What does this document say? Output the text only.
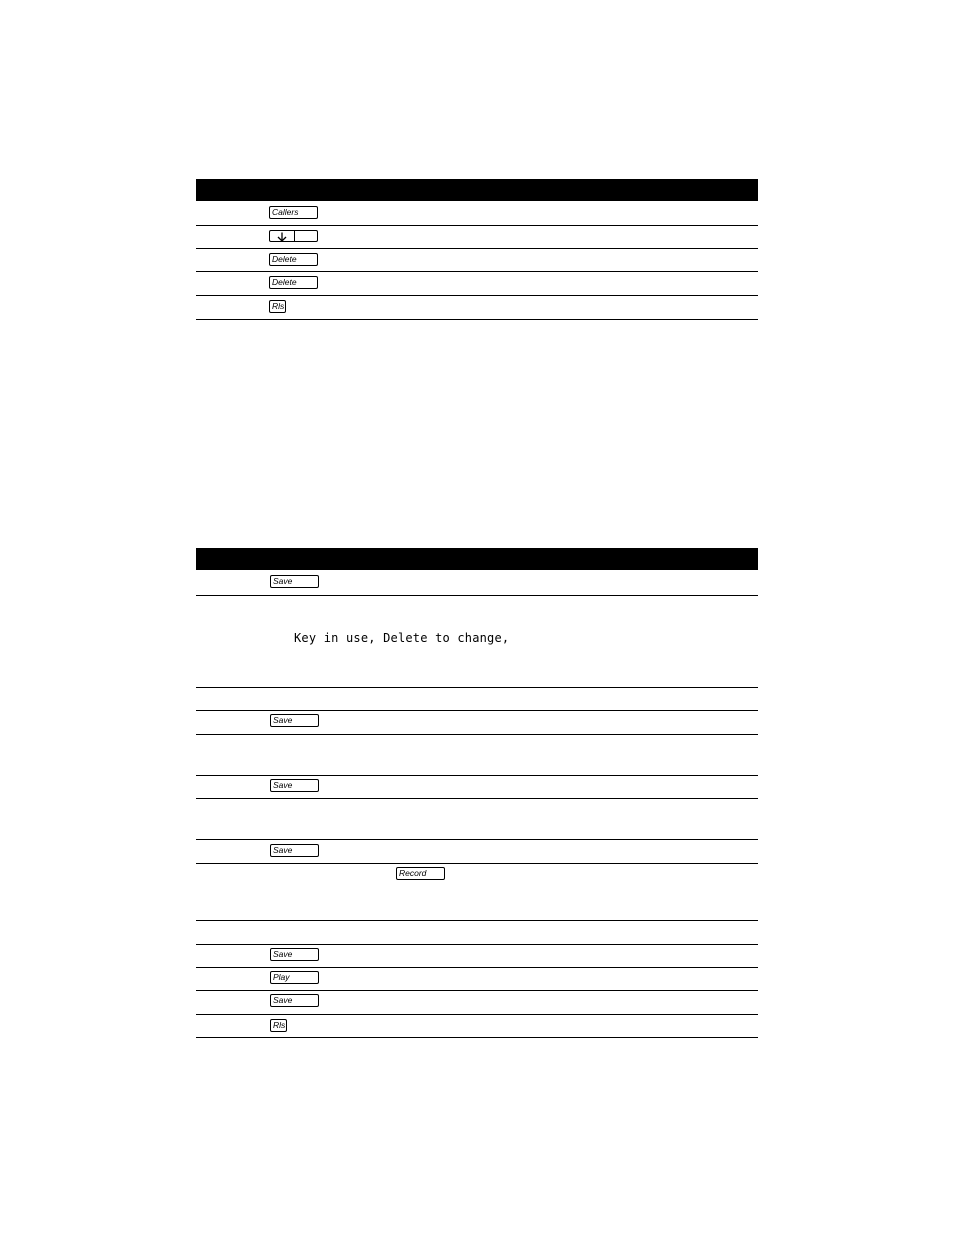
Callers
Delete
Delete
Rls
Save
Key in use, Delete to change,
Save
Save
Save
Record
Save
Play
Save
Rls
